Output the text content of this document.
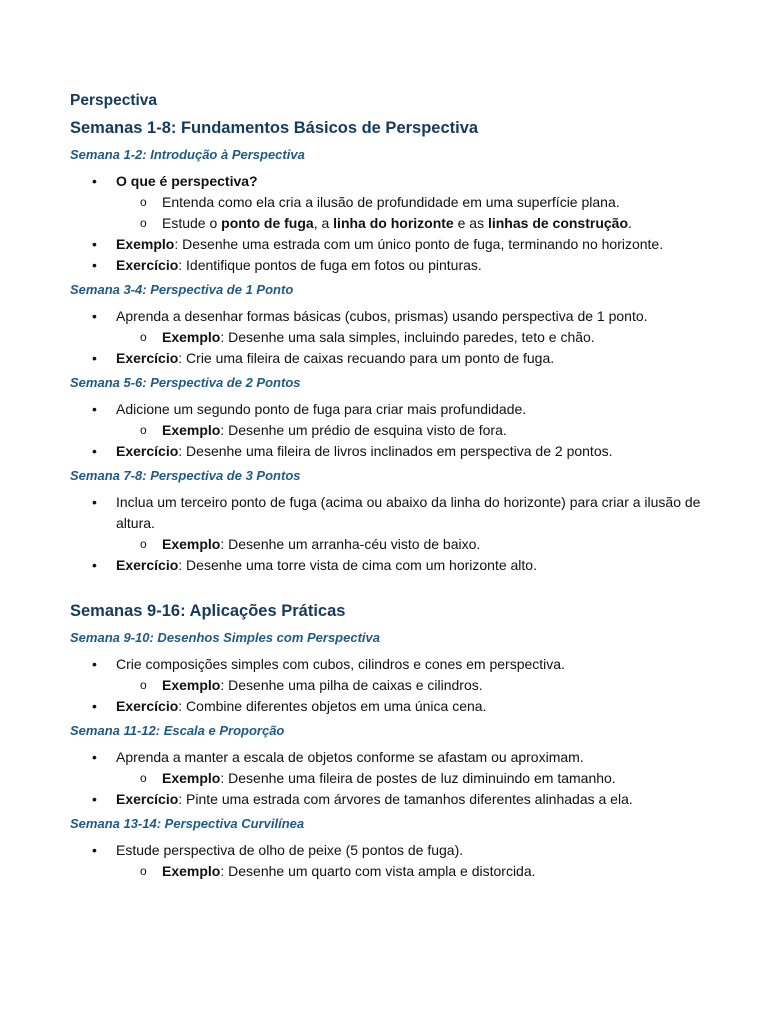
Perspectiva
Semanas 1-8: Fundamentos Básicos de Perspectiva
Semana 1-2: Introdução à Perspectiva
• O que é perspectiva?
o Entenda como ela cria a ilusão de profundidade em uma superfície plana.
o Estude o ponto de fuga, a linha do horizonte e as linhas de construção.
• Exemplo: Desenhe uma estrada com um único ponto de fuga, terminando no horizonte.
• Exercício: Identifique pontos de fuga em fotos ou pinturas.
Semana 3-4: Perspectiva de 1 Ponto
• Aprenda a desenhar formas básicas (cubos, prismas) usando perspectiva de 1 ponto.
o Exemplo: Desenhe uma sala simples, incluindo paredes, teto e chão.
• Exercício: Crie uma fileira de caixas recuando para um ponto de fuga.
Semana 5-6: Perspectiva de 2 Pontos
• Adicione um segundo ponto de fuga para criar mais profundidade.
o Exemplo: Desenhe um prédio de esquina visto de fora.
• Exercício: Desenhe uma fileira de livros inclinados em perspectiva de 2 pontos.
Semana 7-8: Perspectiva de 3 Pontos
• Inclua um terceiro ponto de fuga (acima ou abaixo da linha do horizonte) para criar a ilusão de altura.
o Exemplo: Desenhe um arranha-céu visto de baixo.
• Exercício: Desenhe uma torre vista de cima com um horizonte alto.
Semanas 9-16: Aplicações Práticas
Semana 9-10: Desenhos Simples com Perspectiva
• Crie composições simples com cubos, cilindros e cones em perspectiva.
o Exemplo: Desenhe uma pilha de caixas e cilindros.
• Exercício: Combine diferentes objetos em uma única cena.
Semana 11-12: Escala e Proporção
• Aprenda a manter a escala de objetos conforme se afastam ou aproximam.
o Exemplo: Desenhe uma fileira de postes de luz diminuindo em tamanho.
• Exercício: Pinte uma estrada com árvores de tamanhos diferentes alinhadas a ela.
Semana 13-14: Perspectiva Curvilínea
• Estude perspectiva de olho de peixe (5 pontos de fuga).
o Exemplo: Desenhe um quarto com vista ampla e distorcida.
